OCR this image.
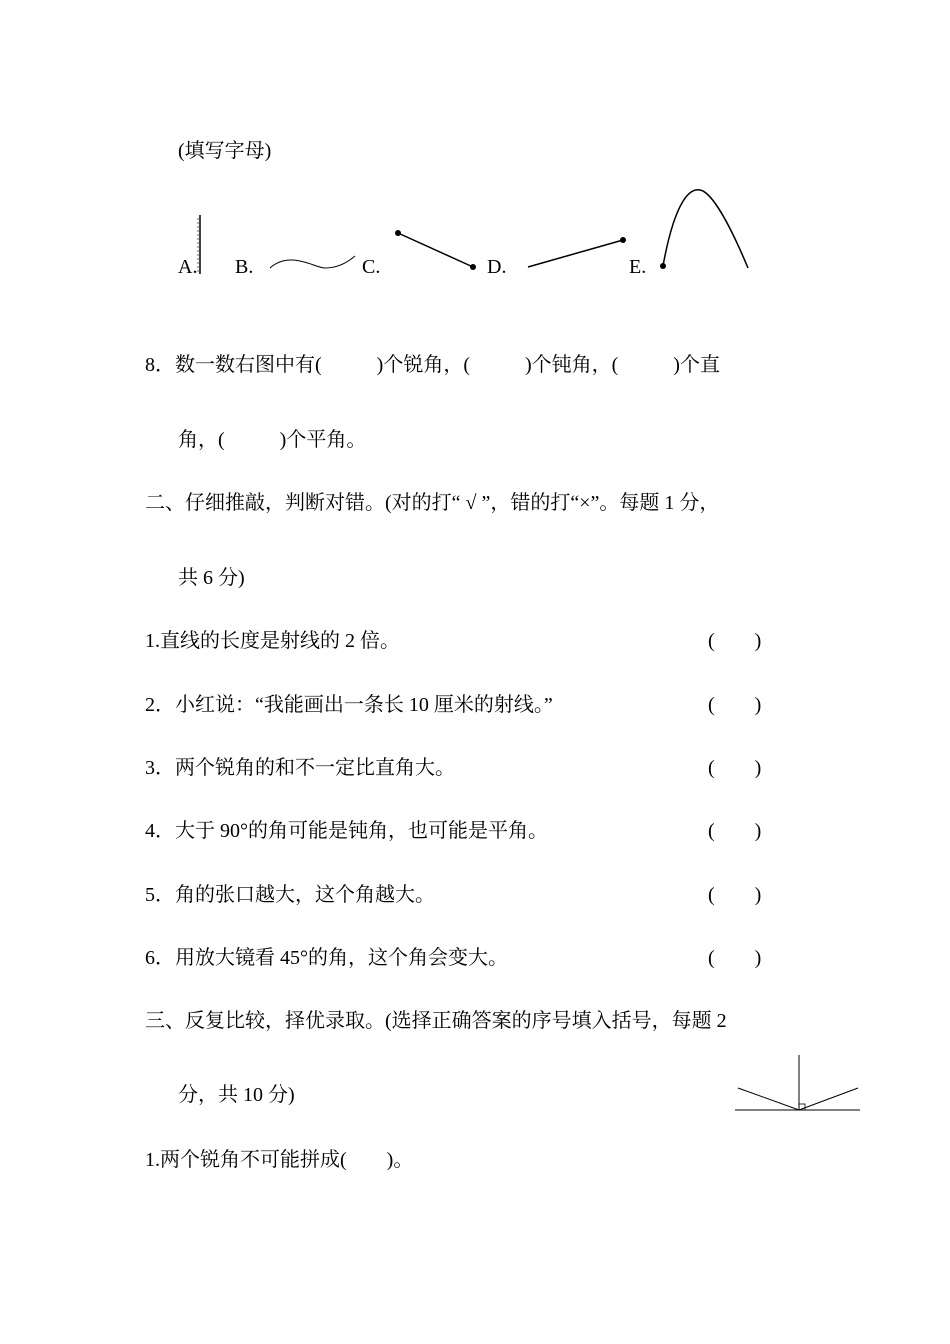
(填写字母)
A. B.	C.	D.	E.
8．数一数右图中有(           )个锐角，(           )个钝角，(           )个直
角，(           )个平角。
二、仔细推敲，判断对错。(对的打“ √ ”，错的打“×”。每题 1 分，
共 6 分)
1.直线的长度是射线的 2 倍。	(        )
2．小红说：“我能画出一条长 10 厘米的射线。”	(        )
3．两个锐角的和不一定比直角大。	(        )
4．大于 90°的角可能是钝角，也可能是平角。	(        )
5．角的张口越大，这个角越大。	(        )
6．用放大镜看 45°的角，这个角会变大。	(        )
三、反复比较，择优录取。(选择正确答案的序号填入括号，每题 2
分，共 10 分)
1.两个锐角不可能拼成(        )。
